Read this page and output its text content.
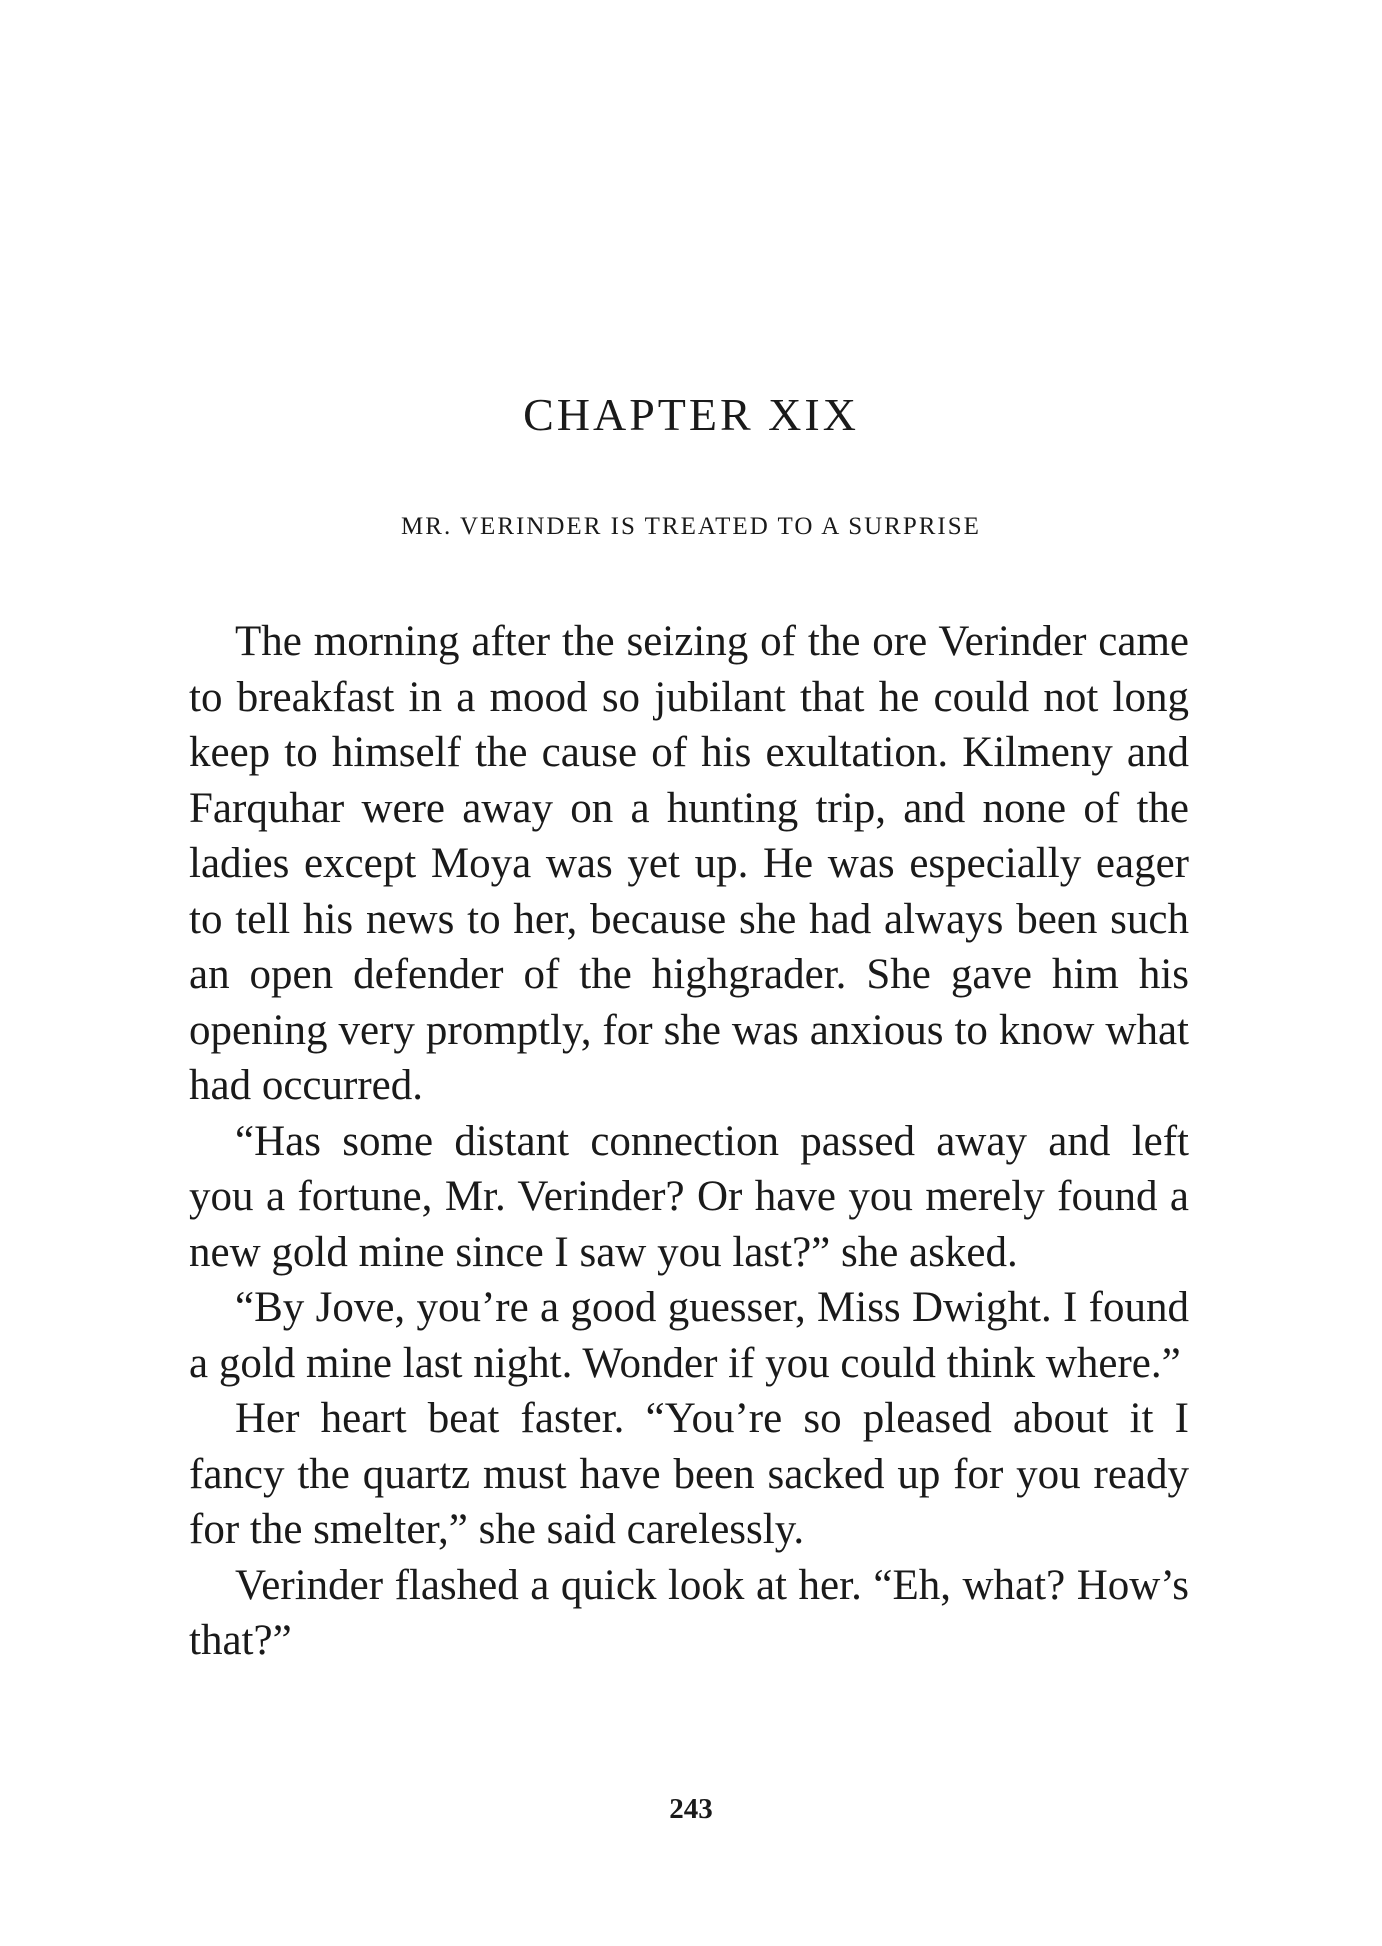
CHAPTER XIX
MR. VERINDER IS TREATED TO A SURPRISE

The morning after the seizing of the ore Verinder came to breakfast in a mood so jubilant that he could not long keep to himself the cause of his exultation. Kilmeny and Farquhar were away on a hunting trip, and none of the ladies except Moya was yet up. He was especially eager to tell his news to her, because she had always been such an open defender of the highgrader. She gave him his opening very promptly, for she was anxious to know what had occurred.

“Has some distant connection passed away and left you a fortune, Mr. Verinder? Or have you merely found a new gold mine since I saw you last?” she asked.

“By Jove, you’re a good guesser, Miss Dwight. I found a gold mine last night. Wonder if you could think where.”

Her heart beat faster. “You’re so pleased about it I fancy the quartz must have been sacked up for you ready for the smelter,” she said carelessly.

Verinder flashed a quick look at her. “Eh, what? How’s that?”

243
